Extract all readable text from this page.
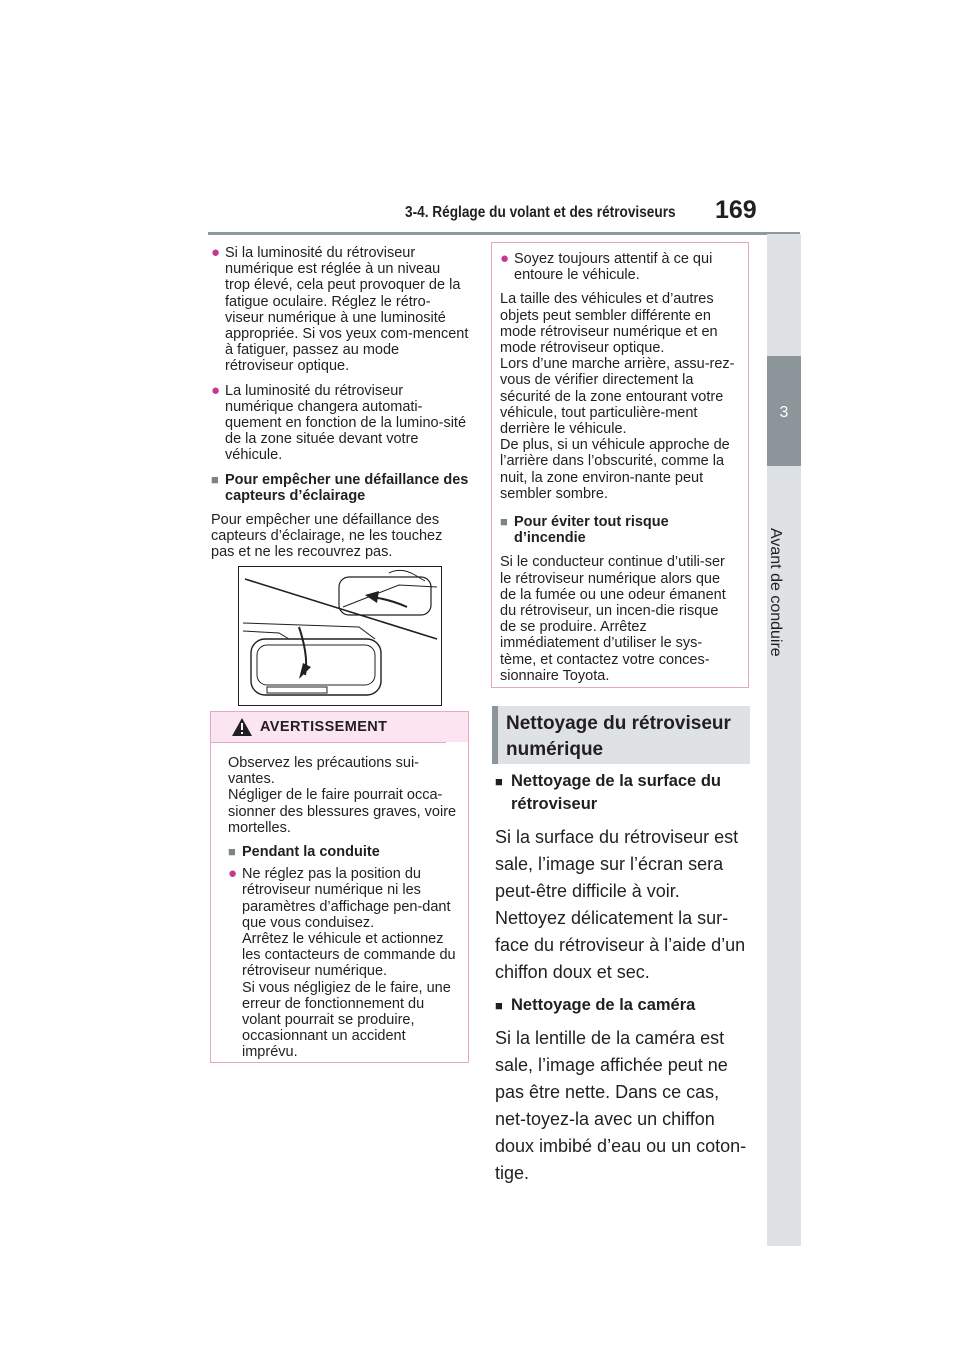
3-4. Réglage du volant et des rétroviseurs 169
3
Avant de conduire
● Si la luminosité du rétroviseur numérique est réglée à un niveau trop élevé, cela peut provoquer de la fatigue oculaire. Réglez le rétro-viseur numérique à une luminosité appropriée. Si vos yeux com-mencent à fatiguer, passez au mode rétroviseur optique.
● La luminosité du rétroviseur numérique changera automati-quement en fonction de la lumino-sité de la zone située devant votre véhicule.
■ Pour empêcher une défaillance des capteurs d’éclairage
Pour empêcher une défaillance des capteurs d’éclairage, ne les touchez pas et ne les recouvrez pas.
AVERTISSEMENT
Observez les précautions sui-vantes.
Négliger de le faire pourrait occa-sionner des blessures graves, voire mortelles.
■ Pendant la conduite
● Ne réglez pas la position du rétroviseur numérique ni les paramètres d’affichage pen-dant que vous conduisez.
Arrêtez le véhicule et actionnez les contacteurs de commande du rétroviseur numérique.
Si vous négligiez de le faire, une erreur de fonctionnement du volant pourrait se produire, occasionnant un accident imprévu.
● Soyez toujours attentif à ce qui entoure le véhicule.
La taille des véhicules et d’autres objets peut sembler différente en mode rétroviseur numérique et en mode rétroviseur optique.
Lors d’une marche arrière, assu-rez-vous de vérifier directement la sécurité de la zone entourant votre véhicule, tout particulière-ment derrière le véhicule.
De plus, si un véhicule approche de l’arrière dans l’obscurité, comme la nuit, la zone environ-nante peut sembler sombre.
■ Pour éviter tout risque d’incendie
Si le conducteur continue d’utili-ser le rétroviseur numérique alors que de la fumée ou une odeur émanent du rétroviseur, un incen-die risque de se produire. Arrêtez immédiatement d’utiliser le sys-tème, et contactez votre conces-sionnaire Toyota.
Nettoyage du rétroviseur numérique
■ Nettoyage de la surface du rétroviseur
Si la surface du rétroviseur est sale, l’image sur l’écran sera peut-être difficile à voir. Nettoyez délicatement la sur-face du rétroviseur à l’aide d’un chiffon doux et sec.
■ Nettoyage de la caméra
Si la lentille de la caméra est sale, l’image affichée peut ne pas être nette. Dans ce cas, net-toyez-la avec un chiffon doux imbibé d’eau ou un coton-tige.
